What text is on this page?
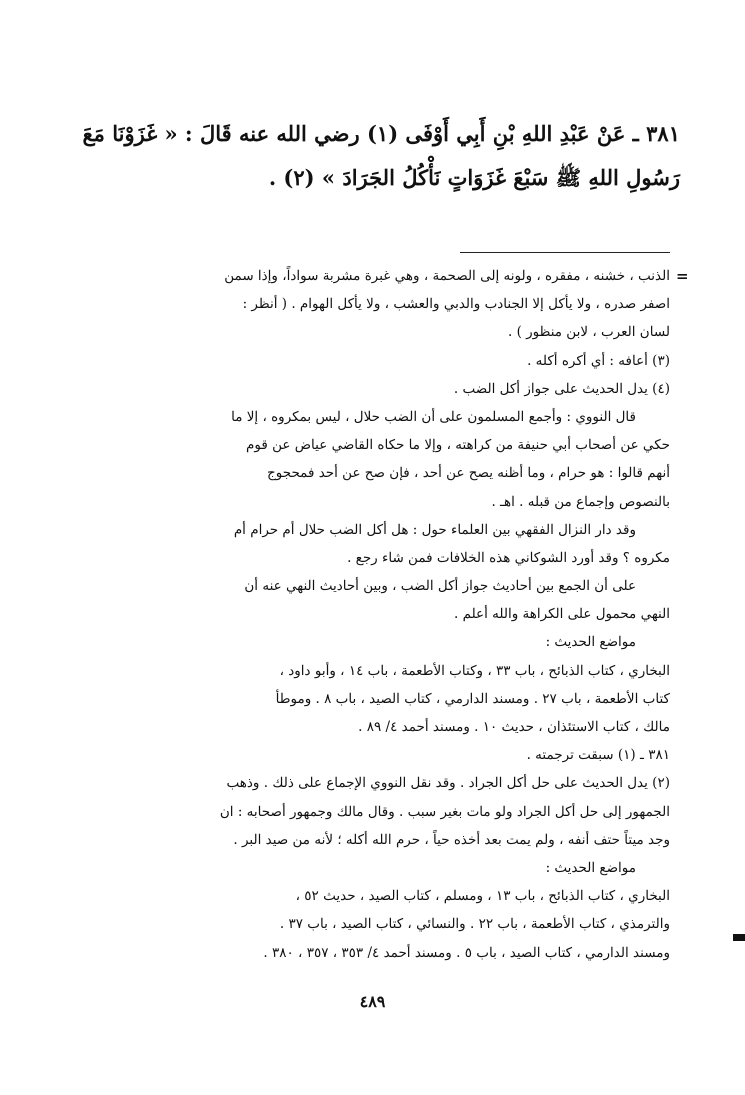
٣٨١ ـ عَنْ عَبْدِ اللهِ بْنِ أَبِي أَوْفَى (١) رضي الله عنه قَالَ : « غَزَوْنَا مَعَ
رَسُولِ اللهِ ﷺ سَبْعَ غَزَوَاتٍ نَأْكُلُ الجَرَادَ » (٢) .
=
الذنب ، خشنه ، مفقره ، ولونه إلى الصحمة ، وهي غبرة مشربة سواداً، وإذا سمن
اصفر صدره ، ولا يأكل إلا الجنادب والدبي والعشب ، ولا يأكل الهوام . ( أنظر :
لسان العرب ، لابن منظور ) .
(٣) أعافه : أي أكره أكله .
(٤) يدل الحديث على جواز أكل الضب .
قال النووي : وأجمع المسلمون على أن الضب حلال ، ليس بمكروه ، إلا ما
حكي عن أصحاب أبي حنيفة من كراهته ، وإلا ما حكاه القاضي عياض عن قوم
أنهم قالوا : هو حرام ، وما أظنه يصح عن أحد ، فإن صح عن أحد فمحجوج
بالنصوص وإجماع من قبله . اهـ .
وقد دار النزال الفقهي بين العلماء حول : هل أكل الضب حلال أم حرام أم
مكروه ؟ وقد أورد الشوكاني هذه الخلافات فمن شاء رجع .
على أن الجمع بين أحاديث جواز أكل الضب ، وبين أحاديث النهي عنه أن
النهي محمول على الكراهة والله أعلم .
مواضع الحديث :
البخاري ، كتاب الذبائح ، باب ٣٣ ، وكتاب الأطعمة ، باب ١٤ ، وأبو داود ،
كتاب الأطعمة ، باب ٢٧ . ومسند الدارمي ، كتاب الصيد ، باب ٨ . وموطأ
مالك ، كتاب الاستئذان ، حديث ١٠ . ومسند أحمد ٤/ ٨٩ .
٣٨١ ـ (١) سبقت ترجمته .
(٢) يدل الحديث على حل أكل الجراد . وقد نقل النووي الإجماع على ذلك . وذهب
الجمهور إلى حل أكل الجراد ولو مات بغير سبب . وقال مالك وجمهور أصحابه : ان
وجد ميتاً حتف أنفه ، ولم يمت بعد أخذه حياً ، حرم الله أكله ؛ لأنه من صيد البر .
مواضع الحديث :
البخاري ، كتاب الذبائح ، باب ١٣ ، ومسلم ، كتاب الصيد ، حديث ٥٢ ،
والترمذي ، كتاب الأطعمة ، باب ٢٢ . والنسائي ، كتاب الصيد ، باب ٣٧ .
ومسند الدارمي ، كتاب الصيد ، باب ٥ . ومسند أحمد ٤/ ٣٥٣ ، ٣٥٧ ، ٣٨٠ .
٤٨٩
